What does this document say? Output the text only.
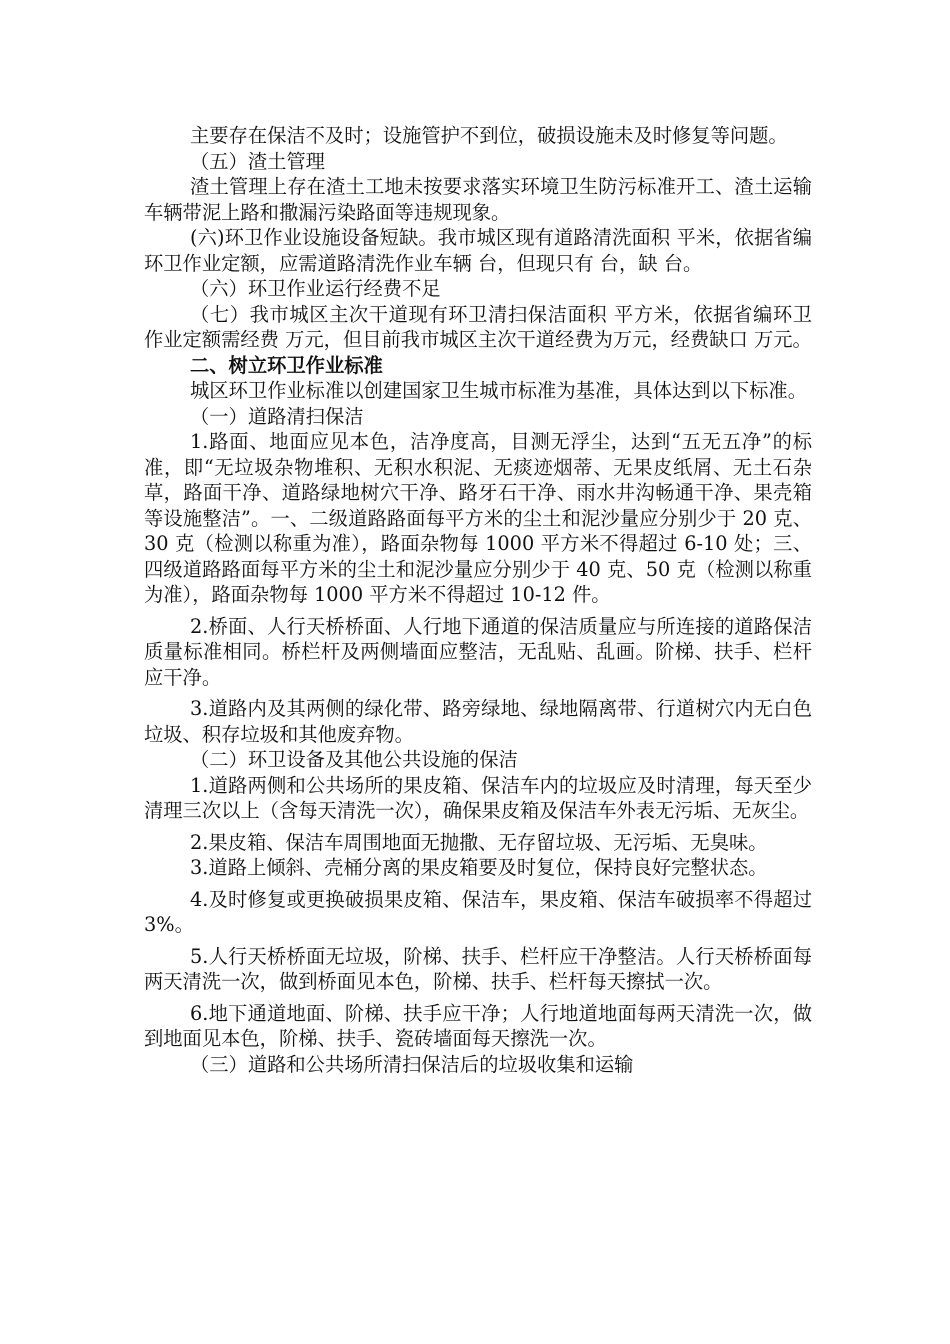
主要存在保洁不及时；设施管护不到位，破损设施未及时修复等问题。

（五）渣土管理

渣土管理上存在渣土工地未按要求落实环境卫生防污标准开工、渣土运输车辆带泥上路和撒漏污染路面等违规现象。

(六)环卫作业设施设备短缺。我市城区现有道路清洗面积 平米，依据省编环卫作业定额，应需道路清洗作业车辆 台，但现只有 台，缺 台。

（六）环卫作业运行经费不足

（七）我市城区主次干道现有环卫清扫保洁面积 平方米，依据省编环卫作业定额需经费 万元，但目前我市城区主次干道经费为万元，经费缺口 万元。

二、树立环卫作业标准

城区环卫作业标准以创建国家卫生城市标准为基准，具体达到以下标准。

（一）道路清扫保洁

1.路面、地面应见本色，洁净度高，目测无浮尘，达到“五无五净”的标准，即“无垃圾杂物堆积、无积水积泥、无痰迹烟蒂、无果皮纸屑、无土石杂草，路面干净、道路绿地树穴干净、路牙石干净、雨水井沟畅通干净、果壳箱等设施整洁”。一、二级道路路面每平方米的尘土和泥沙量应分别少于 20 克、30 克（检测以称重为准），路面杂物每 1000 平方米不得超过 6-10 处；三、四级道路路面每平方米的尘土和泥沙量应分别少于 40 克、50 克（检测以称重为准），路面杂物每 1000 平方米不得超过 10-12 件。

2.桥面、人行天桥桥面、人行地下通道的保洁质量应与所连接的道路保洁质量标准相同。桥栏杆及两侧墙面应整洁，无乱贴、乱画。阶梯、扶手、栏杆应干净。

3.道路内及其两侧的绿化带、路旁绿地、绿地隔离带、行道树穴内无白色垃圾、积存垃圾和其他废弃物。

（二）环卫设备及其他公共设施的保洁

1.道路两侧和公共场所的果皮箱、保洁车内的垃圾应及时清理，每天至少清理三次以上（含每天清洗一次），确保果皮箱及保洁车外表无污垢、无灰尘。

2.果皮箱、保洁车周围地面无抛撒、无存留垃圾、无污垢、无臭味。

3.道路上倾斜、壳桶分离的果皮箱要及时复位，保持良好完整状态。

4.及时修复或更换破损果皮箱、保洁车，果皮箱、保洁车破损率不得超过 3%。

5.人行天桥桥面无垃圾，阶梯、扶手、栏杆应干净整洁。人行天桥桥面每两天清洗一次，做到桥面见本色，阶梯、扶手、栏杆每天擦拭一次。

6.地下通道地面、阶梯、扶手应干净；人行地道地面每两天清洗一次，做到地面见本色，阶梯、扶手、瓷砖墙面每天擦洗一次。

（三）道路和公共场所清扫保洁后的垃圾收集和运输
